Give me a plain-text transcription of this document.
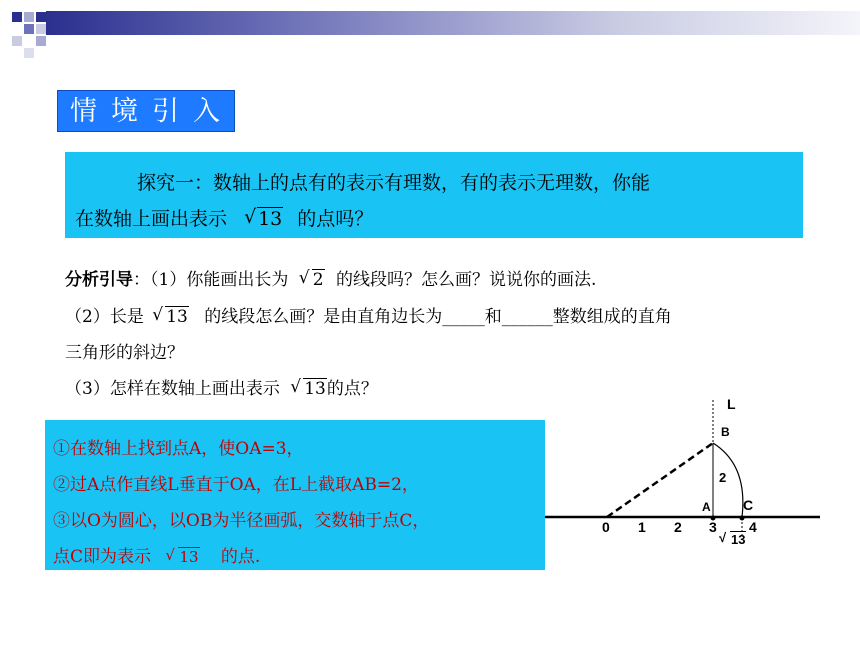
情境引入

探究一：数轴上的点有的表示有理数，有的表示无理数，你能

在数轴上画出表示 √ 13 的点吗？

分析引导：（1）你能画出长为 √ 2 的线段吗？怎么画？说说你的画法.
（2）长是 √ 13 的线段怎么画？是由直角边长为_____和______整数组成的直角
三角形的斜边？
（3）怎样在数轴上画出表示 √ 13的点？
①在数轴上找到点A，使OA=3，
②过A点作直线L垂直于OA，在L上截取AB=2，
③以O为圆心，以OB为半径画弧，交数轴于点C，
点C即为表示 √ 13 的点.
L
B
2
A C
0 1 2 3 4
√ 13
